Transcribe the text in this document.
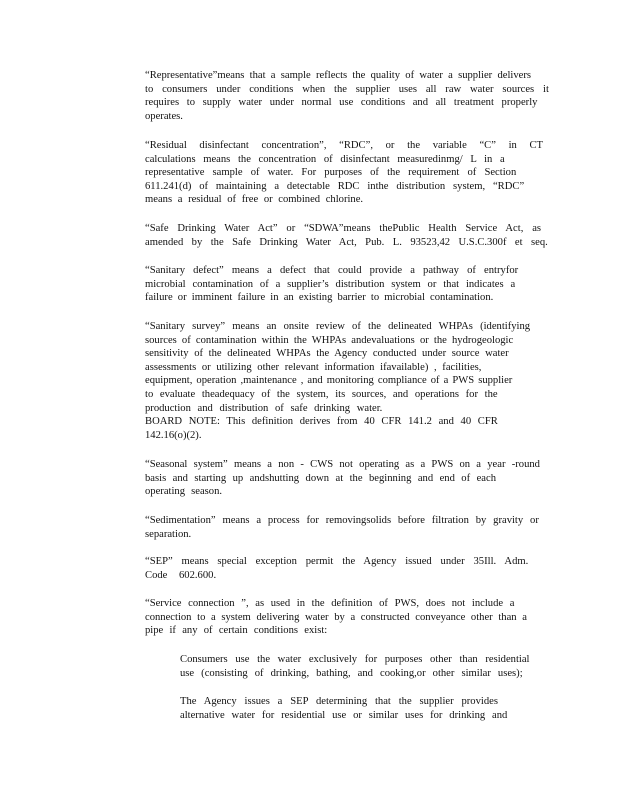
“Representative”means that a sample reflects the quality of water a supplier delivers
to consumers under conditions when the supplier uses all raw water sources it
requires to supply water under normal use conditions and all treatment properly
operates.

“Residual disinfectant concentration”, “RDC”, or the variable “C” in CT
calculations means the concentration of disinfectant measuredinmg/ L in a
representative sample of water. For purposes of the requirement of Section
611.241(d) of maintaining a detectable RDC inthe distribution system, “RDC”
means a residual of free or combined chlorine.

“Safe Drinking Water Act” or “SDWA”means thePublic Health Service Act, as
amended by the Safe Drinking Water Act, Pub. L. 93523,42 U.S.C.300f et seq.

“Sanitary defect” means a defect that could provide a pathway of entryfor
microbial contamination of a supplier’s distribution system or that indicates a
failure or imminent failure in an existing barrier to microbial contamination.

“Sanitary survey” means an onsite review of the delineated WHPAs (identifying
sources of contamination within the WHPAs andevaluations or the hydrogeologic
sensitivity of the delineated WHPAs the Agency conducted under source water
assessments or utilizing other relevant information ifavailable) , facilities,
equipment, operation ,maintenance , and monitoring compliance of a PWS supplier
to evaluate theadequacy of the system, its sources, and operations for the
production and distribution of safe drinking water.
BOARD NOTE: This definition derives from 40 CFR 141.2 and 40 CFR
142.16(o)(2).

“Seasonal system” means a non - CWS not operating as a PWS on a year -round
basis and starting up andshutting down at the beginning and end of each
operating season.

“Sedimentation” means a process for removingsolids before filtration by gravity or
separation.

“SEP” means special exception permit the Agency issued under 35Ill. Adm.
Code 602.600.

“Service connection ”, as used in the definition of PWS, does not include a
connection to a system delivering water by a constructed conveyance other than a
pipe if any of certain conditions exist:

Consumers use the water exclusively for purposes other than residential
use (consisting of drinking, bathing, and cooking,or other similar uses);

The Agency issues a SEP determining that the supplier provides
alternative water for residential use or similar uses for drinking and
